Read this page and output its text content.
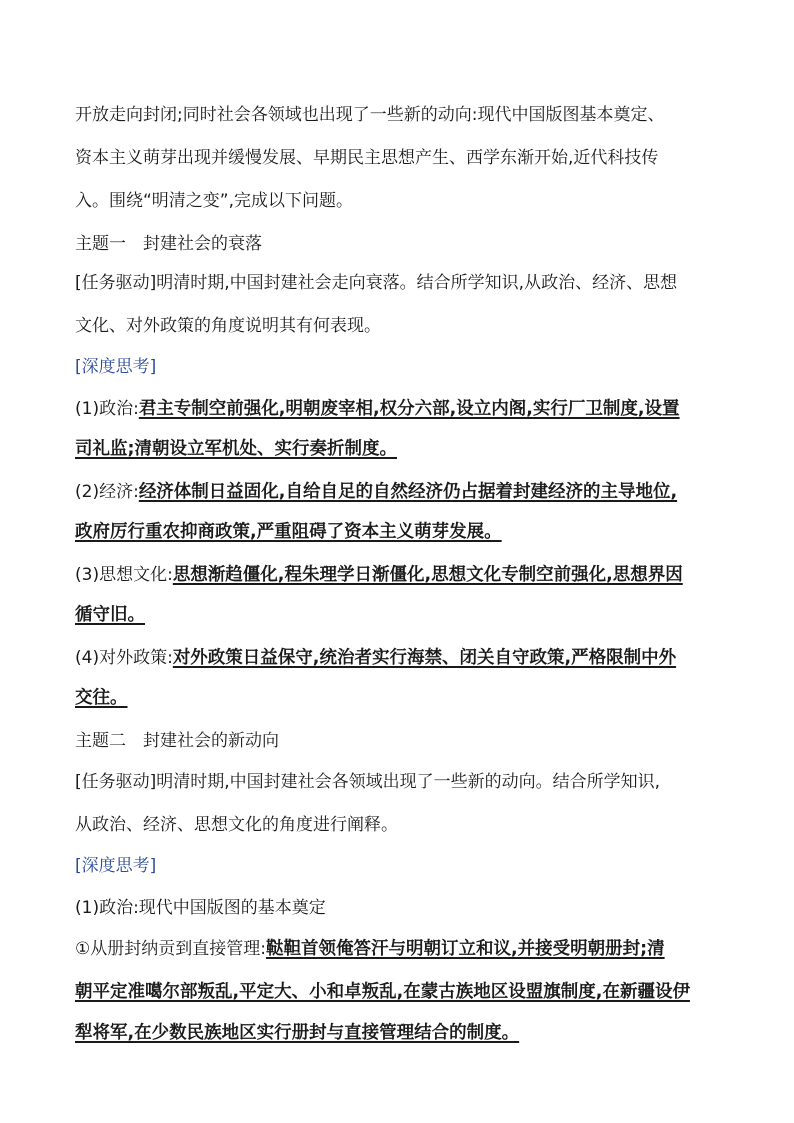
开放走向封闭;同时社会各领域也出现了一些新的动向:现代中国版图基本奠定、
资本主义萌芽出现并缓慢发展、早期民主思想产生、西学东渐开始,近代科技传
入。围绕“明清之变”,完成以下问题。
主题一　封建社会的衰落
[任务驱动]明清时期,中国封建社会走向衰落。结合所学知识,从政治、经济、思想
文化、对外政策的角度说明其有何表现。
[深度思考]
(1)政治:君主专制空前强化,明朝废宰相,权分六部,设立内阁,实行厂卫制度,设置
司礼监;清朝设立军机处、实行奏折制度。
(2)经济:经济体制日益固化,自给自足的自然经济仍占据着封建经济的主导地位,
政府厉行重农抑商政策,严重阻碍了资本主义萌芽发展。
(3)思想文化:思想渐趋僵化,程朱理学日渐僵化,思想文化专制空前强化,思想界因
循守旧。
(4)对外政策:对外政策日益保守,统治者实行海禁、闭关自守政策,严格限制中外
交往。
主题二　封建社会的新动向
[任务驱动]明清时期,中国封建社会各领域出现了一些新的动向。结合所学知识,
从政治、经济、思想文化的角度进行阐释。
[深度思考]
(1)政治:现代中国版图的基本奠定
①从册封纳贡到直接管理:鞑靼首领俺答汗与明朝订立和议,并接受明朝册封;清
朝平定准噶尔部叛乱,平定大、小和卓叛乱,在蒙古族地区设盟旗制度,在新疆设伊
犁将军,在少数民族地区实行册封与直接管理结合的制度。
